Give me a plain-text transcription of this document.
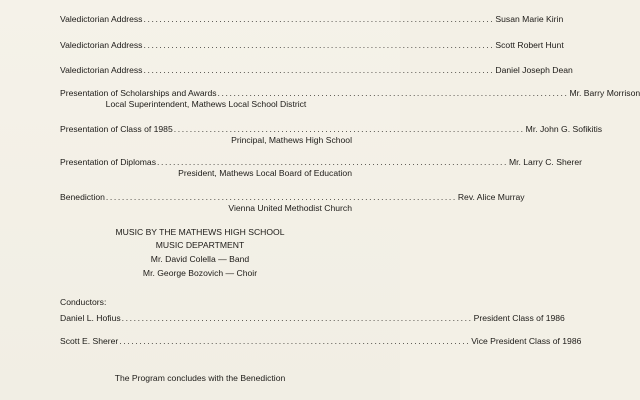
Valedictorian Address ........................................................................................ Susan Marie Kirin
Valedictorian Address ........................................................................................ Scott Robert Hunt
Valedictorian Address ........................................................................................ Daniel Joseph Dean
Presentation of Scholarships and Awards ........................................................................................ Mr. Barry Morrison
Local Superintendent, Mathews Local School District
Presentation of Class of 1985 ........................................................................................ Mr. John G. Sofikitis
Principal, Mathews High School
Presentation of Diplomas ........................................................................................ Mr. Larry C. Sherer
President, Mathews Local Board of Education
Benediction ........................................................................................ Rev. Alice Murray
Vienna United Methodist Church
MUSIC BY THE MATHEWS HIGH SCHOOL
MUSIC DEPARTMENT
Mr. David Colella — Band
Mr. George Bozovich — Choir
Conductors:
Daniel L. Hofius ........................................................................................ President Class of 1986
Scott E. Sherer ........................................................................................ Vice President Class of 1986
The Program concludes with the Benediction
